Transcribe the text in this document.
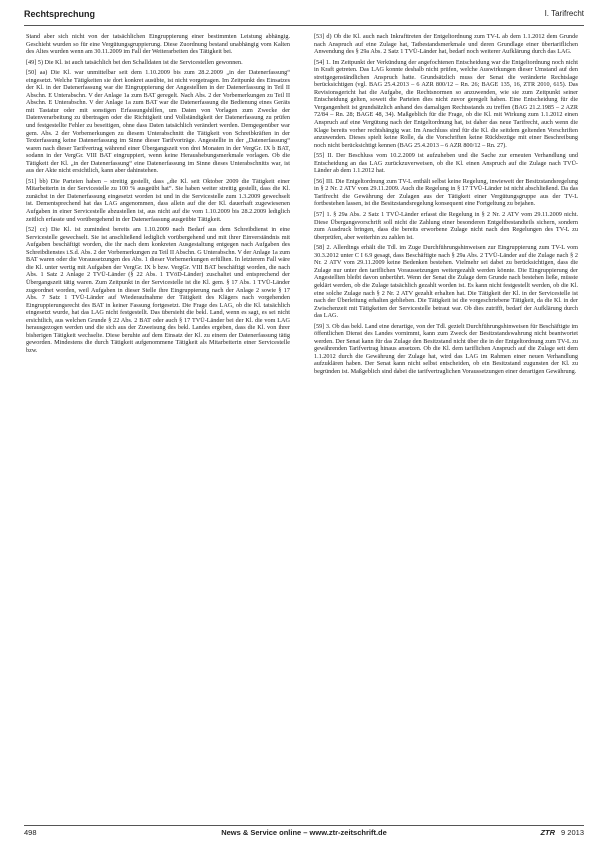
Rechtsprechung	I. Tarifrecht

Stand aber sich nicht von der tatsächlichen Eingruppierung einer bestimmten Leistung abhängig. Geschieht wurden so für eine Vergütungsgruppierung. Diese Zuordnung bestand unabhängig vom Kalten des Altes wurden wenn am 30.11.2009 im Fall der Weiterarbeiten des Tätigkeit bei.

[49] 5) Die Kl. ist auch tatsächlich bei den Schalldaten ist die Servicestellen gewonnen.

[50] aa) Die Kl. war unmittelbar seit dem 1.10.2009 bis zum 28.2.2009 „in der Datenerfassung“ eingesetzt. Welche Tätigkeiten sie dort konkret ausübte, ist nicht vorgetragen. Im Zeitpunkt des Einsatzes der Kl. in der Datenerfassung war die Eingruppierung der Angestellten in der Datenerfassung in Teil II Abschn. E Unterabschn. V der Anlage 1a zum BAT geregelt. Nach Abs. 2 der Vorbemerkungen zu Teil II Abschn. E Unterabschn. V der Anlage 1a zum BAT war die Datenerfassung die Bedienung eines Geräts mit Tastatur oder mit sonstigen Erfassungshilfen, um Daten von Vorlagen zum Zwecke der Datenverarbeitung zu übertragen oder die Richtigkeit und Vollständigkeit der Datenerfassung zu prüfen und festgestellte Fehler zu beseitigen, ohne dass Daten tatsächlich verändert werden. Demgegenüber war gem. Abs. 2 der Vorbemerkungen zu diesem Unterabschnitt die Tätigkeit von Schreibkräften in der Texterfassung keine Datenerfassung im Sinne dieser Tarifvorträge. Angestellte in der „Datenerfassung“ waren nach dieser Tarifvertrag während einer Übergangszeit von drei Monaten in der VergGr. IX b BAT, sodann in der VergGr. VIII BAT eingruppiert, wenn keine Heraushebungsmerkmale vorlagen. Ob die Tätigkeit der Kl. „in der Datenerfassung“ eine Datenerfassung im Sinne dieses Unterabschnitts war, ist aus der Akte nicht ersichtlich, kann aber dahinstehen.

[51] bb) Die Parteien haben – streitig gestellt, dass „die Kl. seit Oktober 2009 die Tätigkeit einer Mitarbeiterin in der Servicestelle zu 100 % ausgeübt hat“. Sie haben weiter streitig gestellt, dass die Kl. zunächst in der Datenerfassung eingesetzt worden ist und in die Servicestelle zum 1.3.2009 gewechselt ist. Dementsprechend hat das LAG angenommen, dass allein auf die der Kl. dauerhaft zugewiesenen Aufgaben in einer Servicestelle abzustellen ist, aus nicht auf die vom 1.10.2009 bis 28.2.2009 lediglich zeitlich erfasste und vorübergehend in der Datenerfassung ausgeübte Tätigkeit.

[52] cc) Die Kl. ist zumindest bereits am 1.10.2009 nach Bedarf aus dem Schreibdienst in eine Servicestelle gewechselt. Sie ist anschließend lediglich vorübergehend und mit ihrer Einverständnis mit Aufgaben beschäftigt worden, die ihr nach dem konkreten Ausgestaltung entgegen nach Aufgaben des Schreibdienstes i.S.d. Abs. 2 der Vorbemerkungen zu Teil II Abschn. G Unterabschn. V der Anlage 1a zum BAT waren oder die Voraussetzungen des Abs. 1 dieser Vorbemerkungen erfüllten. In letzterem Fall wäre die Kl. unter wertig mit Aufgaben der VergGr. IX b bzw. VergGr. VIII BAT beschäftigt worden, die nach Abs. 1 Satz 2 Anlage 2 TVÜ-Länder (§ 22 Abs. 1 TVöD-Länder) zuschaltet und entsprechend der Übergangszeit tätig waren. Zum Zeitpunkt in der Servicestelle ist die Kl. gem. § 17 Abs. 1 TVÜ-Länder zugeordnet worden, weil Aufgaben in dieser Stelle ihre Eingruppierung nach der Anlage 2 sowie § 17 Abs. 7 Satz 1 TVÜ-Länder auf Wiederaufnahme der Tätigkeit des Klägers nach vorgehenden Eingruppierungsrecht des BAT in keiner Fassung fortgesetzt. Die Frage des LAG, ob die Kl. tatsächlich eingesetzt wurde, hat das LAG nicht festgestellt. Das übersieht die bekl. Land, wenn es sagt, es sei nicht ersichtlich, aus welchen Grunde § 22 Abs. 2 BAT oder auch § 17 TVÜ-Länder bei der Kl. die vom LAG herausgezogen werden und die sich aus der Zuweisung des bekl. Landes ergeben, dass die Kl. von ihrer bisherigen Tätigkeit wechselte. Diese beruhte auf dem Einsatz der Kl. zu einem der Datenerfassung tätig geworden. Mindestens die durch Tätigkeit aufgenommene Tätigkeit als Mitarbeiterin einer Servicestelle bzw.

[53] d) Ob die Kl. auch nach Inkrafttreten der Entgeltordnung zum TV-L ab dem 1.1.2012 dem Grunde nach Anspruch auf eine Zulage hat, Tatbestandsmerkmale und deren Grundlage einer übertariflichen Anwendung des § 29a Abs. 2 Satz 1 TVÜ-Länder hat, bedarf noch weiterer Aufklärung durch das LAG.

[54] 1. Im Zeitpunkt der Verkündung der angefochtenen Entscheidung war die Entgeltordnung noch nicht in Kraft getreten. Das LAG konnte deshalb nicht prüfen, welche Auswirkungen dieser Umstand auf den streitgegenständlichen Anspruch hatte. Grundsätzlich muss der Senat die veränderte Rechtslage berücksichtigen (vgl. BAG 25.4.2013 – 6 AZR 800/12 – Rn. 26; BAGE 135, 16, ZTR 2010, 615). Das Revisionsgericht hat die Aufgabe, die Rechtsnormen so anzuwenden, wie sie zum Zeitpunkt seiner Entscheidung gelten, soweit die Parteien dies nicht zuvor geregelt haben. Eine Entscheidung für die Vergangenheit ist grundsätzlich anhand des damaligen Rechtsstands zu treffen (BAG 21.2.1985 – 2 AZR 72/84 – Rn. 28; BAGE 48, 34). Maßgeblich für die Frage, ob die Kl. mit Wirkung zum 1.1.2012 einen Anspruch auf eine Vergütung nach der Entgeltordnung hat, ist daher das neue Tarifrecht, auch wenn die Klage bereits vorher rechtshängig war. Im Anschluss sind für die Kl. die seitdem geltenden Vorschriften anzuwenden. Dieses spielt keine Rolle, da die Vorschriften keine Rückbezüge mit einer Beschreibung noch nicht berücksichtigt kennen (BAG 25.4.2013 – 6 AZR 800/12 – Rn. 27).

[55] II. Der Beschluss vom 10.2.2009 ist aufzuheben und die Sache zur erneuten Verhandlung und Entscheidung an das LAG zurückzuverweisen, ob die Kl. einen Anspruch auf die Zulage nach TVÜ-Länder ab dem 1.1.2012 hat.

[56] III. Die Entgeltordnung zum TV-L enthält selbst keine Regelung, inwieweit der Besitzstandsregelung in § 2 Nr. 2 ATV vom 29.11.2009. Auch die Regelung in § 17 TVÜ-Länder ist nicht abschließend. Da das Tarifrecht die Gewährung der Zulagen aus der Tätigkeit einer Vergütungsgruppe aus der TV-L fortbestehen lassen, ist die Besitzstandsregelung konsequent eine Fortgeltung zu bejahen.

[57] 1. § 29a Abs. 2 Satz 1 TVÜ-Länder erfasst die Regelung in § 2 Nr. 2 ATV vom 29.11.2009 nicht. Diese Übergangsvorschrift soll nicht die Zahlung einer besonderen Entgeltbestandteils sichern, sondern zum Ausdruck bringen, dass die bereits erworbene Zulage nicht nach den Regelungen des TV-L zu überprüfen, aber weiterhin zu zahlen ist.

[58] 2. Allerdings erhält die Tdl. im Zuge Durchführungshinweisen zur Eingruppierung zum TV-L vom 30.3.2012 unter C I 6.9 gesagt, dass Beschäftigte nach § 29a Abs. 2 TVÜ-Länder auf die Zulage nach § 2 Nr. 2 ATV vom 29.11.2009 keine Bedenken bestehen. Vielmehr sei dabei zu berücksichtigen, dass die Zulage nur unter den tariflichen Voraussetzungen weitergezahlt werden könnte. Die Eingruppierung der Angestellten bleibt davon unberührt. Wenn der Senat die Zulage dem Grunde nach bestehen ließe, müsste geklärt werden, ob die Zulage tatsächlich gezahlt worden ist. Es kann nicht festgestellt werden, ob die Kl. eine solche Zulage nach § 2 Nr. 2 ATV gezahlt erhalten hat. Die Tätigkeit der Kl. in der Servicestelle ist nach der Überleitung erhalten geblieben. Die Tätigkeit ist die vorgeschriebene Tätigkeit, da die Kl. in der Zwischenzeit mit Tätigkeiten der Servicestelle betraut war. Ob dies zutrifft, bedarf der Aufklärung durch das LAG.

[59] 3. Ob das bekl. Land eine derartige, von der Tdl. gezielt Durchführungshinweisen für Beschäftigte im öffentlichen Dienst des Landes vornimmt, kann zum Zweck der Besitzstandswahrung nicht beantwortet werden. Der Senat kann für das Zulage den Besitzstand nicht über die in der Entgeltordnung zum TV-L zu gewährenden Tarifvertrag hinaus ansetzen. Ob die Kl. dem tariflichen Anspruch auf die Zulage seit dem 1.1.2012 durch die Gewährung der Zulage hat, wird das LAG im Rahmen einer neuen Verhandlung aufzuklären haben. Der Senat kann nicht selbst entscheiden, ob ein Besitzstand zugunsten der Kl. zu begründen ist. Maßgeblich sind dabei die tarifvertraglichen Voraussetzungen einer derartigen Gewährung.

498	News & Service online – www.ztr-zeitschrift.de	ZTR 9 2013
